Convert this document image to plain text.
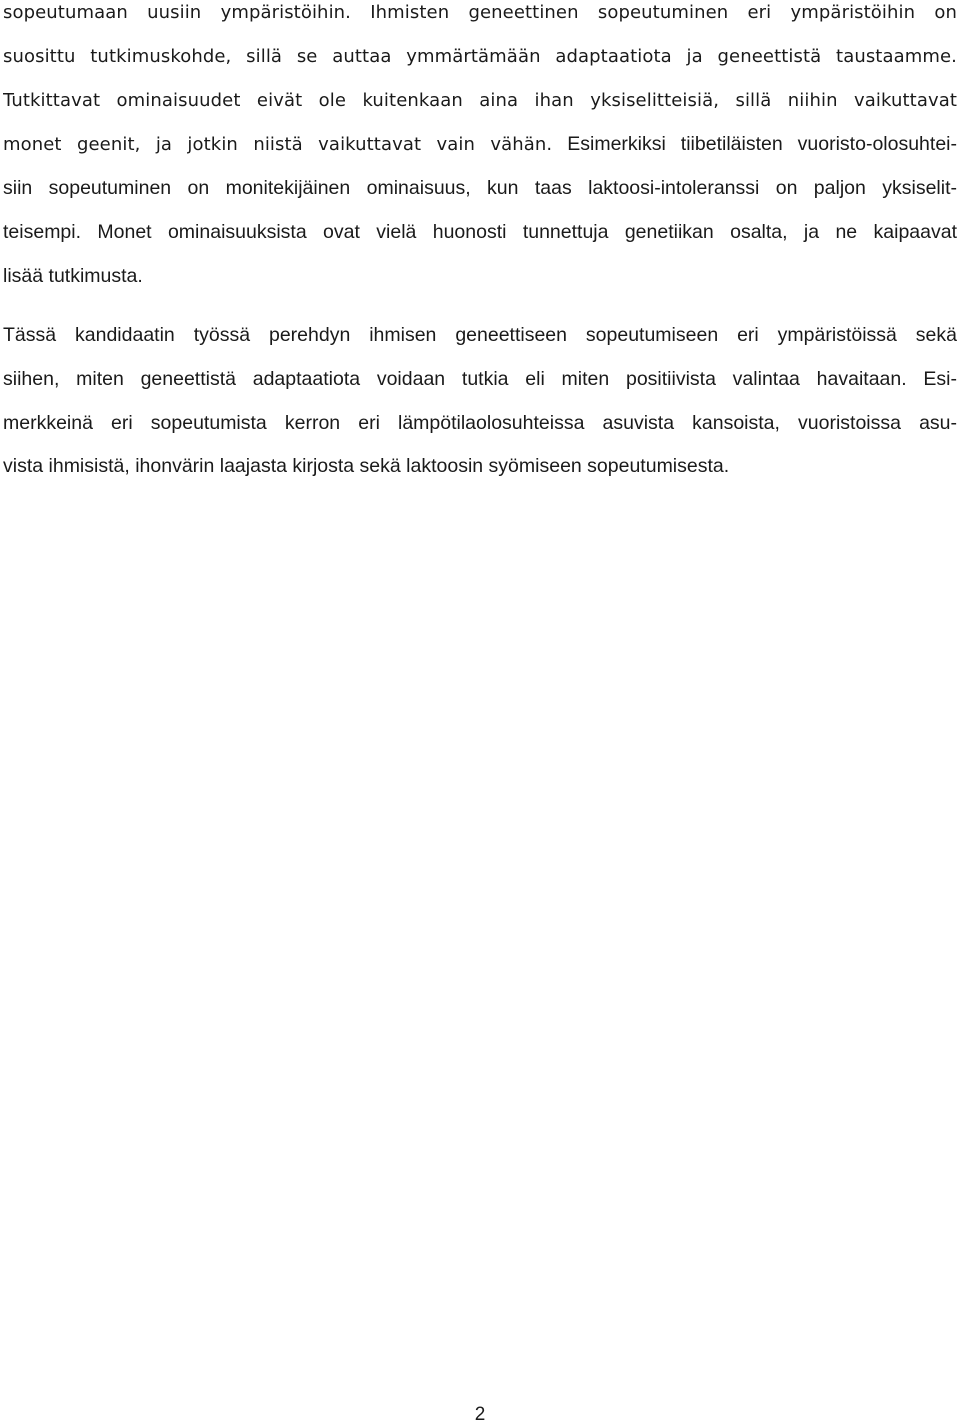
sopeutumaan uusiin ympäristöihin. Ihmisten geneettinen sopeutuminen eri ympäristöihin on
suosittu tutkimuskohde, sillä se auttaa ymmärtämään adaptaatiota ja geneettistä taustaamme.
Tutkittavat ominaisuudet eivät ole kuitenkaan aina ihan yksiselitteisiä, sillä niihin vaikuttavat
monet geenit, ja jotkin niistä vaikuttavat vain vähän. Esimerkiksi tiibetiläisten vuoristo-olosuhtei-
siin sopeutuminen on monitekijäinen ominaisuus, kun taas laktoosi-intoleranssi on paljon yksiselit-
teisempi. Monet ominaisuuksista ovat vielä huonosti tunnettuja genetiikan osalta, ja ne kaipaavat
lisää tutkimusta.
Tässä kandidaatin työssä perehdyn ihmisen geneettiseen sopeutumiseen eri ympäristöissä sekä
siihen, miten geneettistä adaptaatiota voidaan tutkia eli miten positiivista valintaa havaitaan. Esi-
merkkeinä eri sopeutumista kerron eri lämpötilaolosuhteissa asuvista kansoista, vuoristoissa asu-
vista ihmisistä, ihonvärin laajasta kirjosta sekä laktoosin syömiseen sopeutumisesta.
2
